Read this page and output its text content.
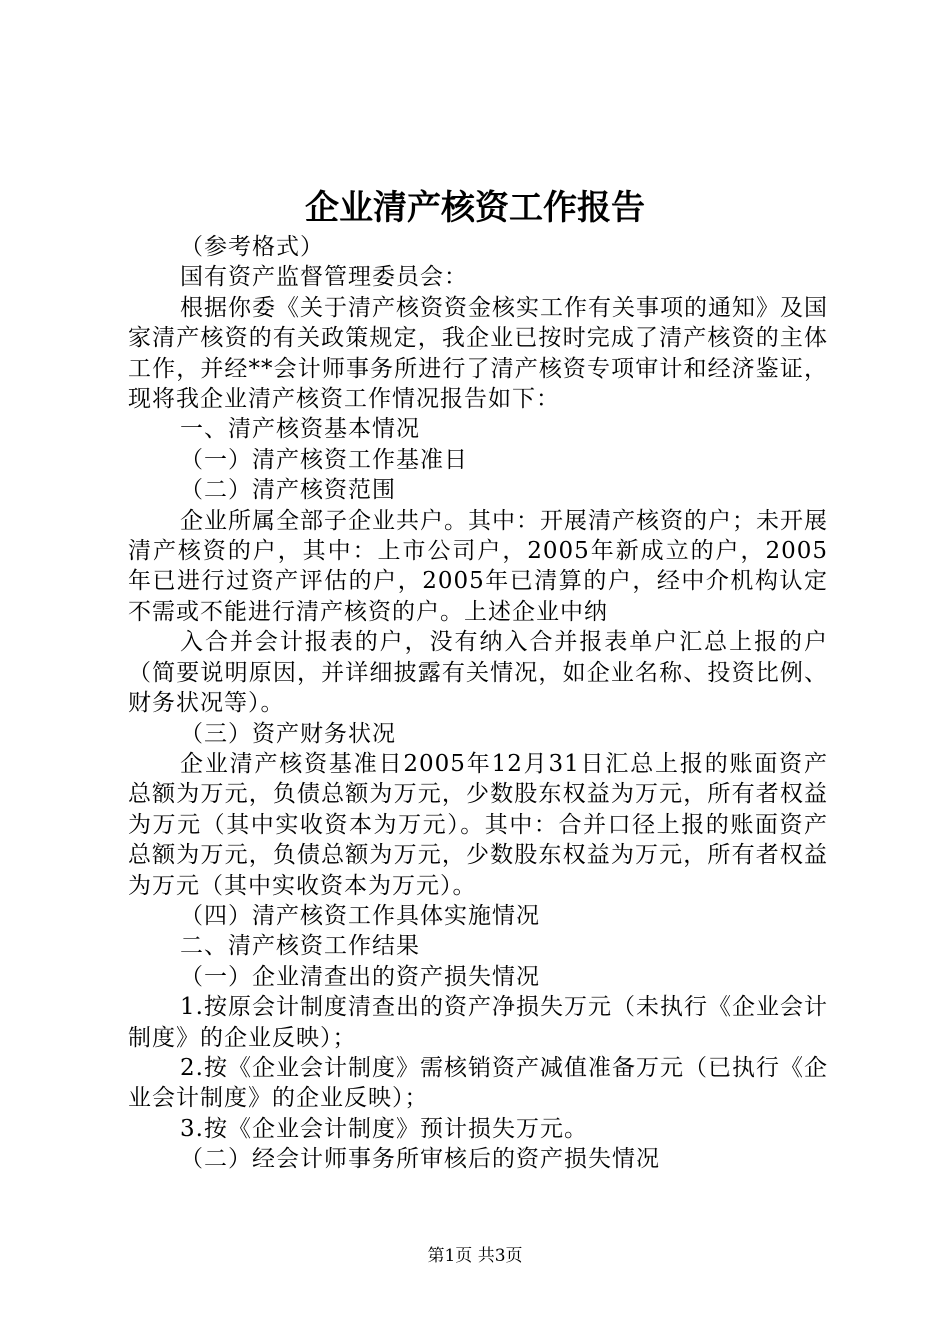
企业清产核资工作报告

（参考格式）

国有资产监督管理委员会：

根据你委《关于清产核资资金核实工作有关事项的通知》及国家清产核资的有关政策规定，我企业已按时完成了清产核资的主体工作，并经**会计师事务所进行了清产核资专项审计和经济鉴证，现将我企业清产核资工作情况报告如下：

一、清产核资基本情况

（一）清产核资工作基准日

（二）清产核资范围

企业所属全部子企业共户。其中：开展清产核资的户；未开展清产核资的户，其中：上市公司户，2005年新成立的户，2005年已进行过资产评估的户，2005年已清算的户，经中介机构认定不需或不能进行清产核资的户。上述企业中纳

入合并会计报表的户，没有纳入合并报表单户汇总上报的户（简要说明原因，并详细披露有关情况，如企业名称、投资比例、财务状况等）。

（三）资产财务状况

企业清产核资基准日2005年12月31日汇总上报的账面资产总额为万元，负债总额为万元，少数股东权益为万元，所有者权益为万元（其中实收资本为万元）。其中：合并口径上报的账面资产总额为万元，负债总额为万元，少数股东权益为万元，所有者权益为万元（其中实收资本为万元）。

（四）清产核资工作具体实施情况

二、清产核资工作结果

（一）企业清查出的资产损失情况

1.按原会计制度清查出的资产净损失万元（未执行《企业会计制度》的企业反映）；

2.按《企业会计制度》需核销资产减值准备万元（已执行《企业会计制度》的企业反映）；

3.按《企业会计制度》预计损失万元。

（二）经会计师事务所审核后的资产损失情况

第1页 共3页
